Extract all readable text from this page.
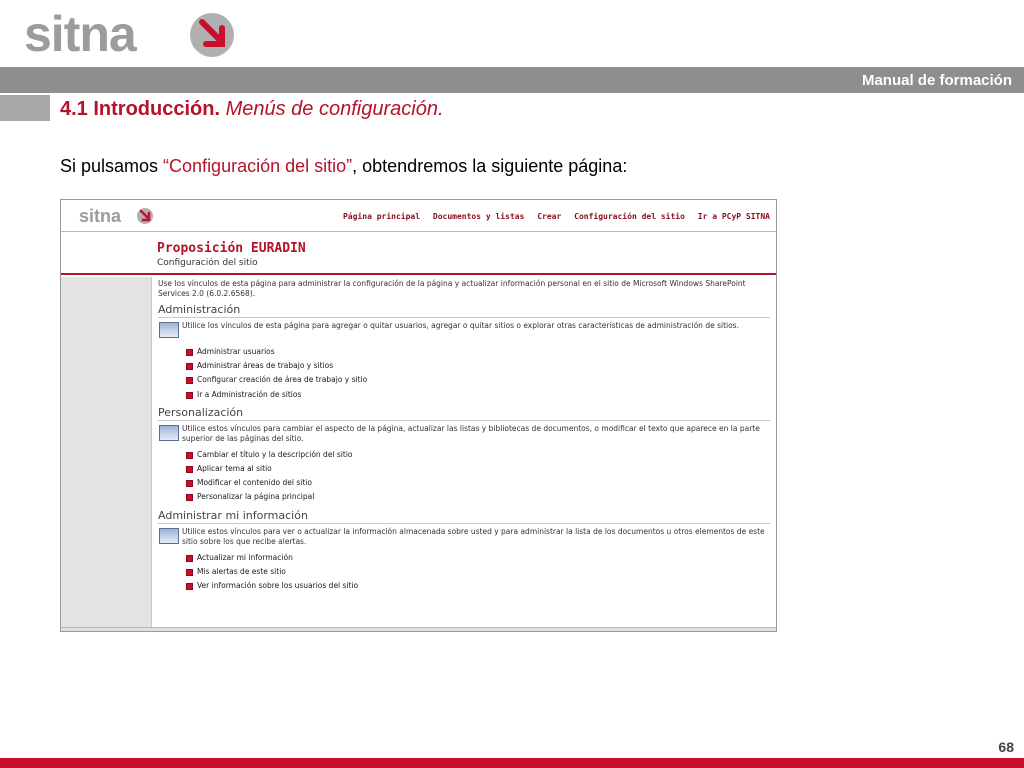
sitna
Manual de formación
4.1 Introducción. Menús de configuración.
Si pulsamos “Configuración del sitio”, obtendremos la siguiente página:
sitna	Página principal Documentos y listas Crear Configuración del sitio Ir a PCyP SITNA
Proposición EURADIN
Configuración del sitio
Use los vínculos de esta página para administrar la configuración de la página y actualizar información personal en el sitio de Microsoft Windows SharePoint Services 2.0 (6.0.2.6568).
Administración
Utilice los vínculos de esta página para agregar o quitar usuarios, agregar o quitar sitios o explorar otras características de administración de sitios.
Administrar usuarios
Administrar áreas de trabajo y sitios
Configurar creación de área de trabajo y sitio
Ir a Administración de sitios
Personalización
Utilice estos vínculos para cambiar el aspecto de la página, actualizar las listas y bibliotecas de documentos, o modificar el texto que aparece en la parte superior de las páginas del sitio.
Cambiar el título y la descripción del sitio
Aplicar tema al sitio
Modificar el contenido del sitio
Personalizar la página principal
Administrar mi información
Utilice estos vínculos para ver o actualizar la información almacenada sobre usted y para administrar la lista de los documentos u otros elementos de este sitio sobre los que recibe alertas.
Actualizar mi información
Mis alertas de este sitio
Ver información sobre los usuarios del sitio
68
